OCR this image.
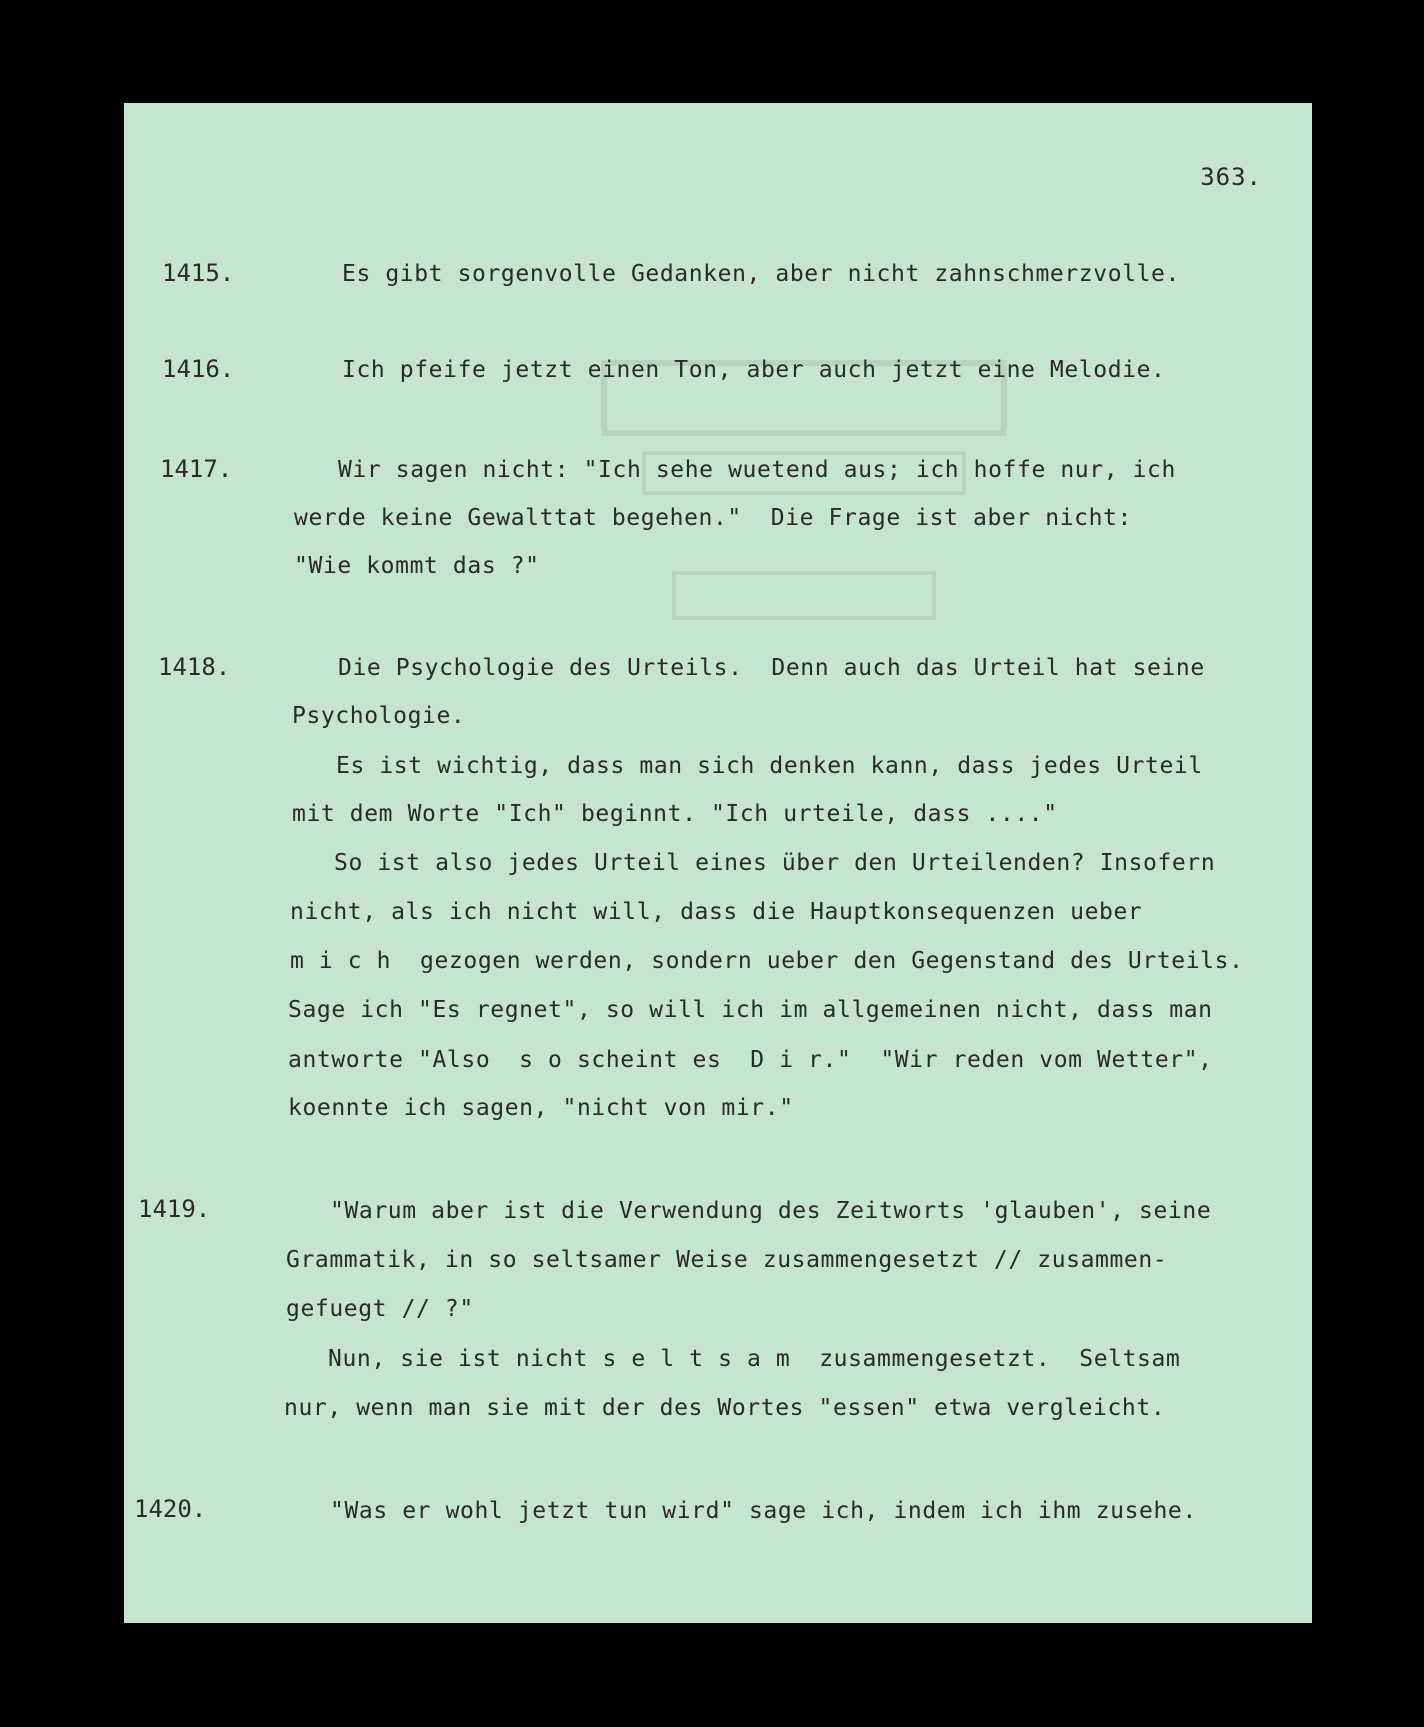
363.
1415.	Es gibt sorgenvolle Gedanken, aber nicht zahnschmerzvolle.
1416.	Ich pfeife jetzt einen Ton, aber auch jetzt eine Melodie.
1417.	Wir sagen nicht: "Ich sehe wuetend aus; ich hoffe nur, ich
werde keine Gewalttat begehen."  Die Frage ist aber nicht:
"Wie kommt das ?"
1418.	Die Psychologie des Urteils.  Denn auch das Urteil hat seine
Psychologie.
Es ist wichtig, dass man sich denken kann, dass jedes Urteil
mit dem Worte "Ich" beginnt. "Ich urteile, dass ...."
So ist also jedes Urteil eines über den Urteilenden? Insofern
nicht, als ich nicht will, dass die Hauptkonsequenzen ueber
m i c h  gezogen werden, sondern ueber den Gegenstand des Urteils.
Sage ich "Es regnet", so will ich im allgemeinen nicht, dass man
antworte "Also  s o scheint es  D i r."  "Wir reden vom Wetter",
koennte ich sagen, "nicht von mir."
1419.	"Warum aber ist die Verwendung des Zeitworts 'glauben', seine
Grammatik, in so seltsamer Weise zusammengesetzt // zusammen-
gefuegt // ?"
Nun, sie ist nicht s e l t s a m  zusammengesetzt.  Seltsam
nur, wenn man sie mit der des Wortes "essen" etwa vergleicht.
1420.	"Was er wohl jetzt tun wird" sage ich, indem ich ihm zusehe.
